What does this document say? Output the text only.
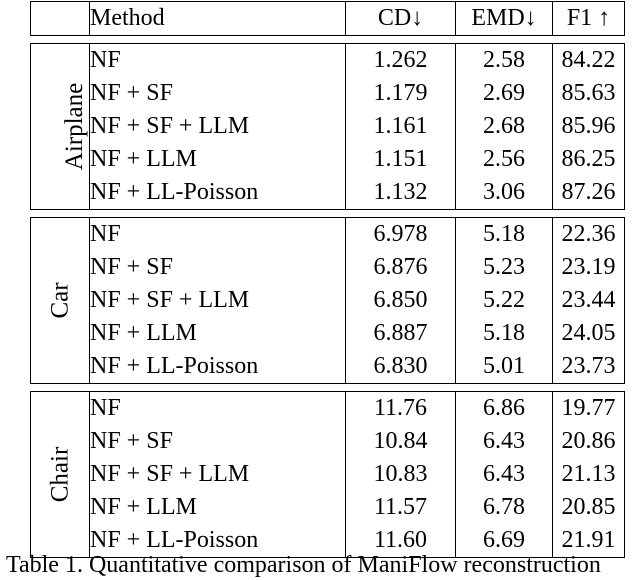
	Method	CD↓	EMD↓	F1 ↑

Airplane	NF	1.262	2.58	84.22
	NF + SF	1.179	2.69	85.63
	NF + SF + LLM	1.161	2.68	85.96
	NF + LLM	1.151	2.56	86.25
	NF + LL-Poisson	1.132	3.06	87.26

Car	NF	6.978	5.18	22.36
	NF + SF	6.876	5.23	23.19
	NF + SF + LLM	6.850	5.22	23.44
	NF + LLM	6.887	5.18	24.05
	NF + LL-Poisson	6.830	5.01	23.73

Chair	NF	11.76	6.86	19.77
	NF + SF	10.84	6.43	20.86
	NF + SF + LLM	10.83	6.43	21.13
	NF + LLM	11.57	6.78	20.85
	NF + LL-Poisson	11.60	6.69	21.91
Table 1. Quantitative comparison of ManiFlow reconstruction
